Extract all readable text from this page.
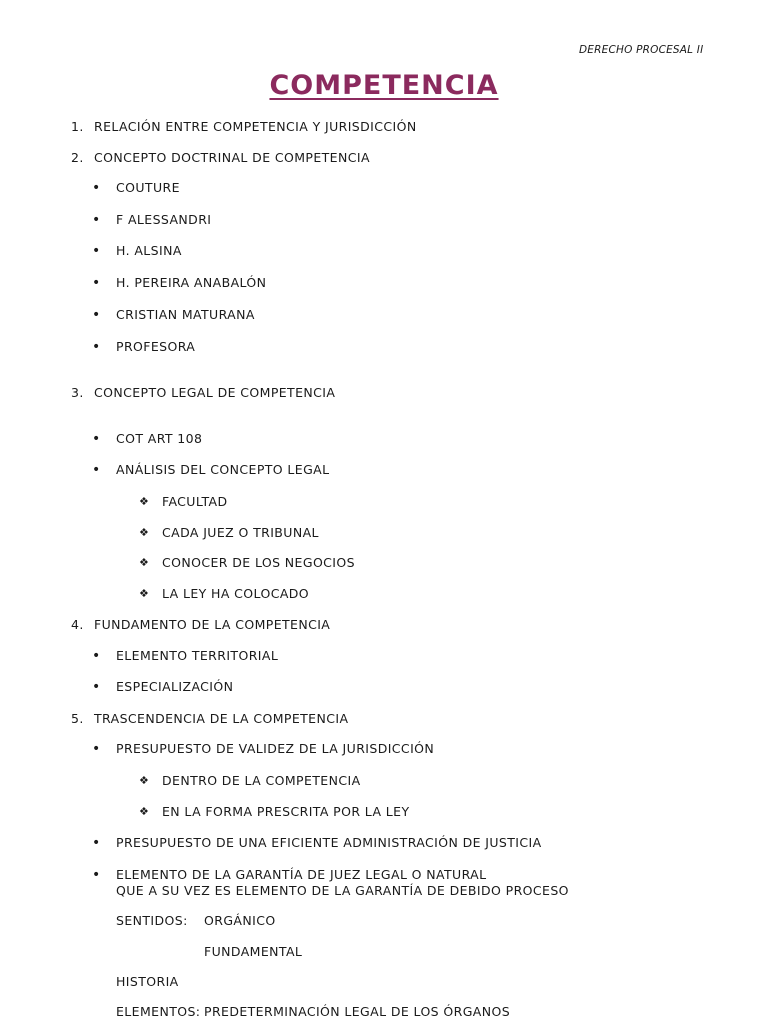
DERECHO PROCESAL II
COMPETENCIA
1. RELACIÓN ENTRE COMPETENCIA Y JURISDICCIÓN
2. CONCEPTO DOCTRINAL DE COMPETENCIA
• COUTURE
• F ALESSANDRI
• H. ALSINA
• H. PEREIRA ANABALÓN
• CRISTIAN MATURANA
• PROFESORA
3. CONCEPTO LEGAL DE COMPETENCIA
• COT ART 108
• ANÁLISIS DEL CONCEPTO LEGAL
❖ FACULTAD
❖ CADA JUEZ O TRIBUNAL
❖ CONOCER DE LOS NEGOCIOS
❖ LA LEY HA COLOCADO
4. FUNDAMENTO DE LA COMPETENCIA
• ELEMENTO TERRITORIAL
• ESPECIALIZACIÓN
5. TRASCENDENCIA DE LA COMPETENCIA
• PRESUPUESTO DE VALIDEZ DE LA JURISDICCIÓN
❖ DENTRO DE LA COMPETENCIA
❖ EN LA FORMA PRESCRITA POR LA LEY
• PRESUPUESTO DE UNA EFICIENTE ADMINISTRACIÓN DE JUSTICIA
• ELEMENTO DE LA GARANTÍA DE JUEZ LEGAL O NATURAL
QUE A SU VEZ ES ELEMENTO DE LA GARANTÍA DE DEBIDO PROCESO
SENTIDOS: ORGÁNICO
FUNDAMENTAL
HISTORIA
ELEMENTOS: PREDETERMINACIÓN LEGAL DE LOS ÓRGANOS
